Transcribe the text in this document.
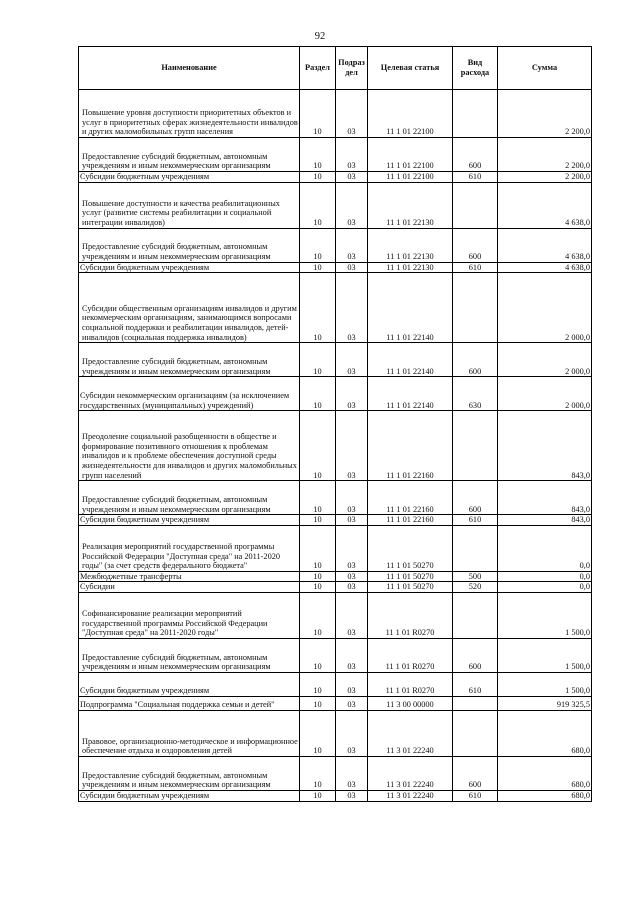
92
Наименование	Раздел	Подраз дел	Целевая статья	Вид расхода	Сумма
Повышение уровня доступности приоритетных объектов и услуг в приоритетных сферах жизнедеятельности инвалидов и других маломобильных групп населения	10	03	11 1 01 22100		2 200,0
Предоставление субсидий бюджетным, автономным учреждениям и иным некоммерческим организациям	10	03	11 1 01 22100	600	2 200,0
Субсидии бюджетным учреждениям	10	03	11 1 01 22100	610	2 200,0
Повышение доступности и качества реабилитационных услуг (развитие системы реабилитации и социальной интеграции инвалидов)	10	03	11 1 01 22130		4 638,0
Предоставление субсидий бюджетным, автономным учреждениям и иным некоммерческим организациям	10	03	11 1 01 22130	600	4 638,0
Субсидии бюджетным учреждениям	10	03	11 1 01 22130	610	4 638,0
Субсидии общественным организациям инвалидов и другим некоммерческим организациям, занимающимся вопросами социальной поддержки и реабилитации инвалидов, детей-инвалидов (социальная поддержка инвалидов)	10	03	11 1 01 22140		2 000,0
Предоставление субсидий бюджетным, автономным учреждениям и иным некоммерческим организациям	10	03	11 1 01 22140	600	2 000,0
Субсидии некоммерческим организациям (за исключением государственных (муниципальных) учреждений)	10	03	11 1 01 22140	630	2 000,0
Преодоление социальной разобщенности в обществе и формирование позитивного отношения к проблемам инвалидов и к проблеме обеспечения доступной среды жизнедеятельности для инвалидов и других маломобильных групп населений	10	03	11 1 01 22160		843,0
Предоставление субсидий бюджетным, автономным учреждениям и иным некоммерческим организациям	10	03	11 1 01 22160	600	843,0
Субсидии бюджетным учреждениям	10	03	11 1 01 22160	610	843,0
Реализация мероприятий государственной программы Российской Федерации "Доступная среда" на 2011-2020 годы" (за счет средств федерального бюджета"	10	03	11 1 01 50270		0,0
Межбюджетные трансферты	10	03	11 1 01 50270	500	0,0
Субсидии	10	03	11 1 01 50270	520	0,0
Софинансирование реализации мероприятий государственной программы Российской Федерации "Доступная среда" на 2011-2020 годы"	10	03	11 1 01 R0270		1 500,0
Предоставление субсидий бюджетным, автономным учреждениям и иным некоммерческим организациям	10	03	11 1 01 R0270	600	1 500,0
Субсидии бюджетным учреждениям	10	03	11 1 01 R0270	610	1 500,0
Подпрограмма "Социальная поддержка семьи и детей"	10	03	11 3 00 00000		919 325,5
Правовое, организационно-методическое и информационное обеспечение отдыха и оздоровления детей	10	03	11 3 01 22240		680,0
Предоставление субсидий бюджетным, автономным учреждениям и иным некоммерческим организациям	10	03	11 3 01 22240	600	680,0
Субсидии бюджетным учреждениям	10	03	11 3 01 22240	610	680,0
